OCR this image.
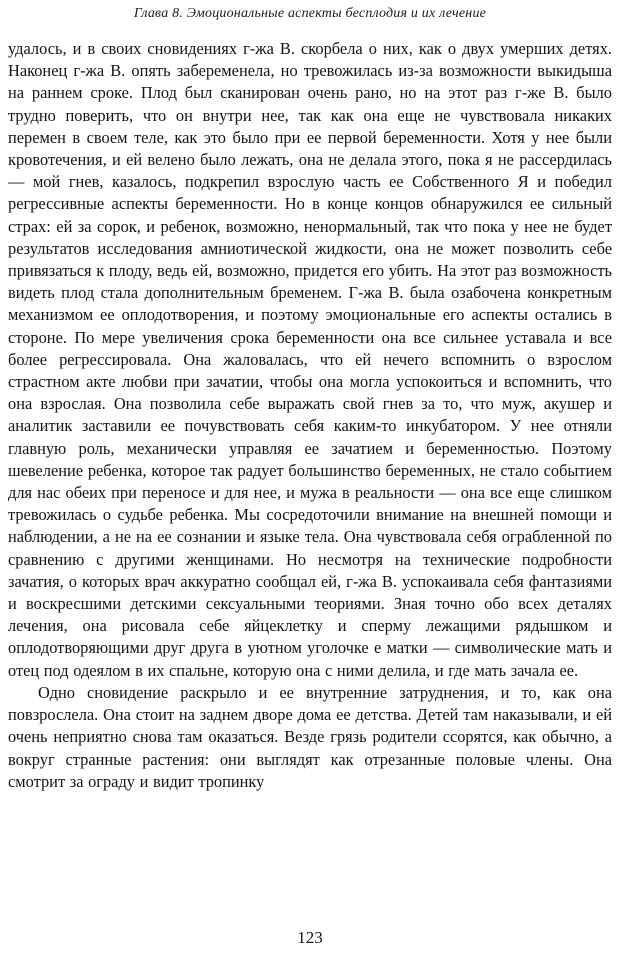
Глава 8. Эмоциональные аспекты бесплодия и их лечение

удалось, и в своих сновидениях г-жа В. скорбела о них, как о двух умерших детях. Наконец г-жа В. опять забеременела, но тревожилась из-за возможности выкидыша на раннем сроке. Плод был сканирован очень рано, но на этот раз г-же В. было трудно поверить, что он внутри нее, так как она еще не чувствовала никаких перемен в своем теле, как это было при ее первой беременности. Хотя у нее были кровотечения, и ей велено было лежать, она не делала этого, пока я не рассердилась — мой гнев, казалось, подкрепил взрослую часть ее Собственного Я и победил регрессивные аспекты беременности. Но в конце концов обнаружился ее сильный страх: ей за сорок, и ребенок, возможно, ненормальный, так что пока у нее не будет результатов исследования амниотической жидкости, она не может позволить себе привязаться к плоду, ведь ей, возможно, придется его убить. На этот раз возможность видеть плод стала дополнительным бременем. Г-жа В. была озабочена конкретным механизмом ее оплодотворения, и поэтому эмоциональные его аспекты остались в стороне. По мере увеличения срока беременности она все сильнее уставала и все более регрессировала. Она жаловалась, что ей нечего вспомнить о взрослом страстном акте любви при зачатии, чтобы она могла успокоиться и вспомнить, что она взрослая. Она позволила себе выражать свой гнев за то, что муж, акушер и аналитик заставили ее почувствовать себя каким-то инкубатором. У нее отняли главную роль, механически управляя ее зачатием и беременностью. Поэтому шевеление ребенка, которое так радует большинство беременных, не стало событием для нас обеих при переносе и для нее, и мужа в реальности — она все еще слишком тревожилась о судьбе ребенка. Мы сосредоточили внимание на внешней помощи и наблюдении, а не на ее сознании и языке тела. Она чувствовала себя ограбленной по сравнению с другими женщинами. Но несмотря на технические подробности зачатия, о которых врач аккуратно сообщал ей, г-жа В. успокаивала себя фантазиями и воскресшими детскими сексуальными теориями. Зная точно обо всех деталях лечения, она рисовала себе яйцеклетку и сперму лежащими рядышком и оплодотворяющими друг друга в уютном уголочке е матки — символические мать и отец под одеялом в их спальне, которую она с ними делила, и где мать зачала ее.

Одно сновидение раскрыло и ее внутренние затруднения, и то, как она повзрослела. Она стоит на заднем дворе дома ее детства. Детей там наказывали, и ей очень неприятно снова там оказаться. Везде грязь родители ссорятся, как обычно, а вокруг странные растения: они выглядят как отрезанные половые члены. Она смотрит за ограду и видит тропинку

123
